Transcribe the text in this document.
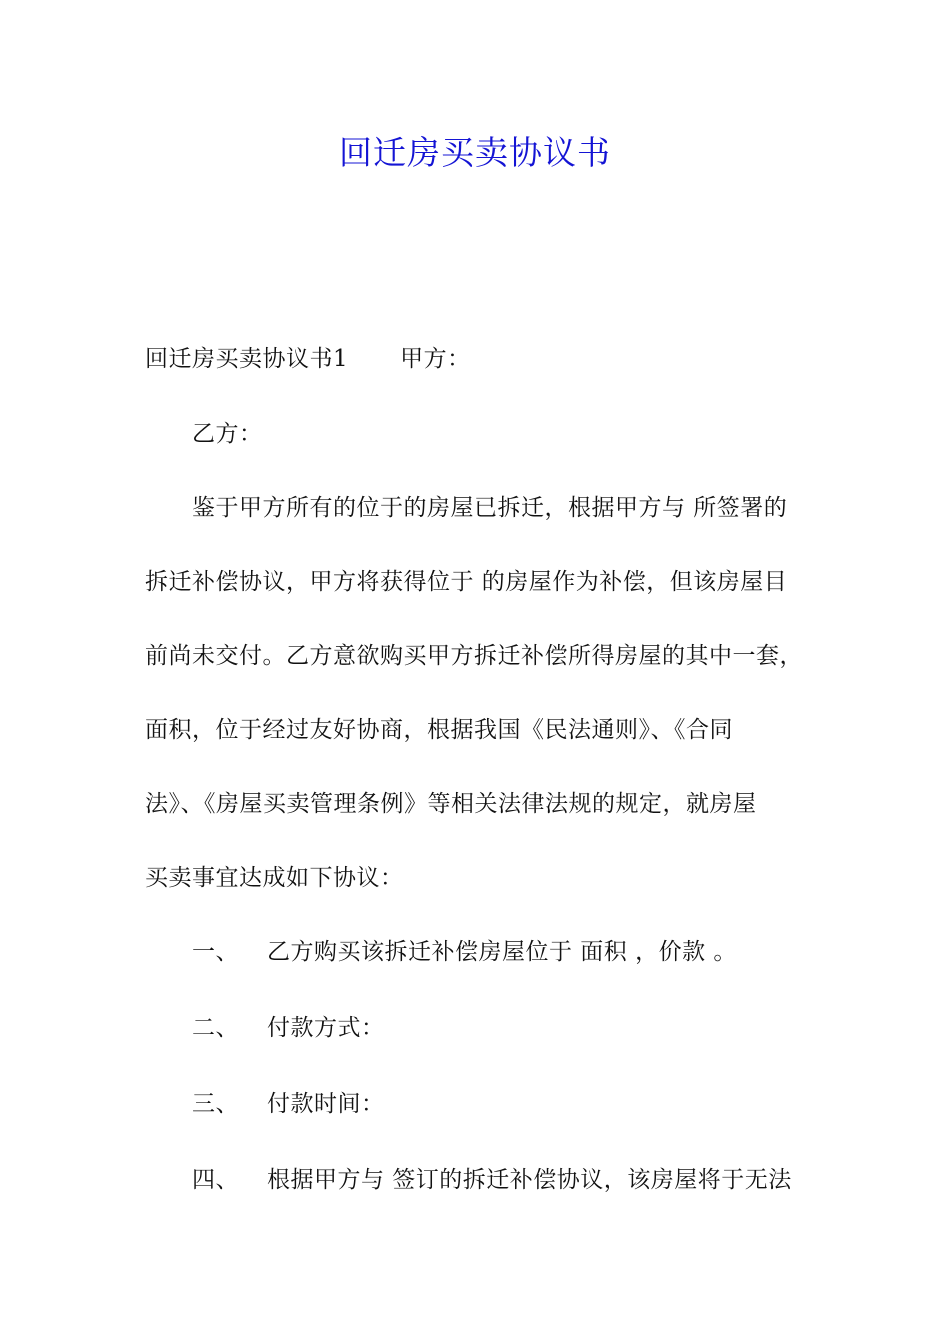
回迁房买卖协议书
回迁房买卖协议书1 甲方：
乙方：
鉴于甲方所有的位于的房屋已拆迁，根据甲方与 所签署的
拆迁补偿协议，甲方将获得位于 的房屋作为补偿，但该房屋目
前尚未交付。乙方意欲购买甲方拆迁补偿所得房屋的其中一套，
面积，位于经过友好协商，根据我国《民法通则》、《合同
法》、《房屋买卖管理条例》等相关法律法规的规定，就房屋
买卖事宜达成如下协议：
一、 乙方购买该拆迁补偿房屋位于 面积 ，价款 。
二、 付款方式：
三、 付款时间：
四、 根据甲方与 签订的拆迁补偿协议，该房屋将于无法
